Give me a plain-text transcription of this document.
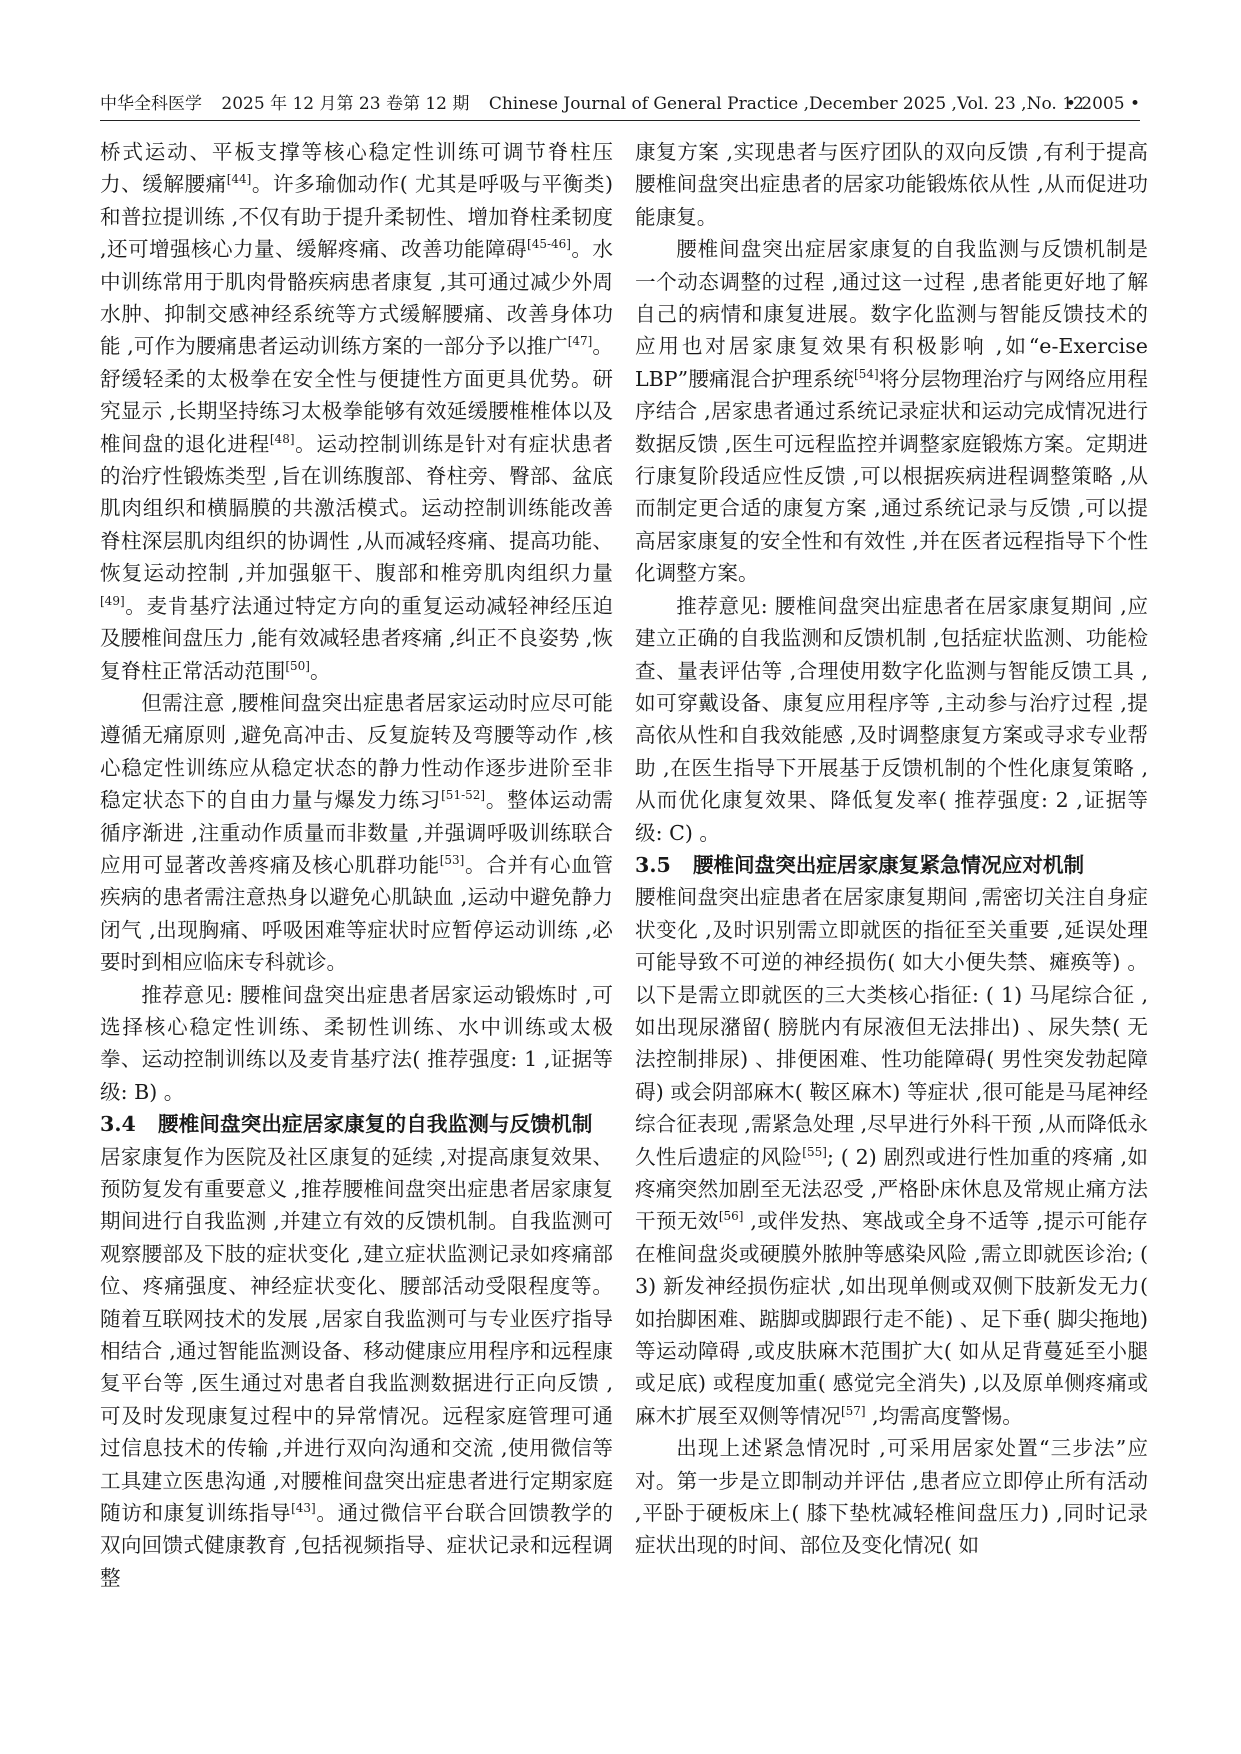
中华全科医学 2025 年 12 月第 23 卷第 12 期 Chinese Journal of General Practice ,December 2025 ,Vol. 23 ,No. 12
• 2005 •

桥式运动、平板支撑等核心稳定性训练可调节脊柱压力、缓解腰痛[44]。许多瑜伽动作( 尤其是呼吸与平衡类) 和普拉提训练 ,不仅有助于提升柔韧性、增加脊柱柔韧度 ,还可增强核心力量、缓解疼痛、改善功能障碍[45-46]。水中训练常用于肌肉骨骼疾病患者康复 ,其可通过减少外周水肿、抑制交感神经系统等方式缓解腰痛、改善身体功能 ,可作为腰痛患者运动训练方案的一部分予以推广[47]。舒缓轻柔的太极拳在安全性与便捷性方面更具优势。研究显示 ,长期坚持练习太极拳能够有效延缓腰椎椎体以及椎间盘的退化进程[48]。运动控制训练是针对有症状患者的治疗性锻炼类型 ,旨在训练腹部、脊柱旁、臀部、盆底肌肉组织和横膈膜的共激活模式。运动控制训练能改善脊柱深层肌肉组织的协调性 ,从而减轻疼痛、提高功能、恢复运动控制 ,并加强躯干、腹部和椎旁肌肉组织力量[49]。麦肯基疗法通过特定方向的重复运动减轻神经压迫及腰椎间盘压力 ,能有效减轻患者疼痛 ,纠正不良姿势 ,恢复脊柱正常活动范围[50]。

但需注意 ,腰椎间盘突出症患者居家运动时应尽可能遵循无痛原则 ,避免高冲击、反复旋转及弯腰等动作 ,核心稳定性训练应从稳定状态的静力性动作逐步进阶至非稳定状态下的自由力量与爆发力练习[51-52]。整体运动需循序渐进 ,注重动作质量而非数量 ,并强调呼吸训练联合应用可显著改善疼痛及核心肌群功能[53]。合并有心血管疾病的患者需注意热身以避免心肌缺血 ,运动中避免静力闭气 ,出现胸痛、呼吸困难等症状时应暂停运动训练 ,必要时到相应临床专科就诊。

推荐意见: 腰椎间盘突出症患者居家运动锻炼时 ,可选择核心稳定性训练、柔韧性训练、水中训练或太极拳、运动控制训练以及麦肯基疗法( 推荐强度: 1 ,证据等级: B) 。

3.4 腰椎间盘突出症居家康复的自我监测与反馈机制 居家康复作为医院及社区康复的延续 ,对提高康复效果、预防复发有重要意义 ,推荐腰椎间盘突出症患者居家康复期间进行自我监测 ,并建立有效的反馈机制。自我监测可观察腰部及下肢的症状变化 ,建立症状监测记录如疼痛部位、疼痛强度、神经症状变化、腰部活动受限程度等。随着互联网技术的发展 ,居家自我监测可与专业医疗指导相结合 ,通过智能监测设备、移动健康应用程序和远程康复平台等 ,医生通过对患者自我监测数据进行正向反馈 ,可及时发现康复过程中的异常情况。远程家庭管理可通过信息技术的传输 ,并进行双向沟通和交流 ,使用微信等工具建立医患沟通 ,对腰椎间盘突出症患者进行定期家庭随访和康复训练指导[43]。通过微信平台联合回馈教学的双向回馈式健康教育 ,包括视频指导、症状记录和远程调整

康复方案 ,实现患者与医疗团队的双向反馈 ,有利于提高腰椎间盘突出症患者的居家功能锻炼依从性 ,从而促进功能康复。

腰椎间盘突出症居家康复的自我监测与反馈机制是一个动态调整的过程 ,通过这一过程 ,患者能更好地了解自己的病情和康复进展。数字化监测与智能反馈技术的应用也对居家康复效果有积极影响 ,如“e-Exercise LBP”腰痛混合护理系统[54]将分层物理治疗与网络应用程序结合 ,居家患者通过系统记录症状和运动完成情况进行数据反馈 ,医生可远程监控并调整家庭锻炼方案。定期进行康复阶段适应性反馈 ,可以根据疾病进程调整策略 ,从而制定更合适的康复方案 ,通过系统记录与反馈 ,可以提高居家康复的安全性和有效性 ,并在医者远程指导下个性化调整方案。

推荐意见: 腰椎间盘突出症患者在居家康复期间 ,应建立正确的自我监测和反馈机制 ,包括症状监测、功能检查、量表评估等 ,合理使用数字化监测与智能反馈工具 ,如可穿戴设备、康复应用程序等 ,主动参与治疗过程 ,提高依从性和自我效能感 ,及时调整康复方案或寻求专业帮助 ,在医生指导下开展基于反馈机制的个性化康复策略 ,从而优化康复效果、降低复发率( 推荐强度: 2 ,证据等级: C) 。

3.5 腰椎间盘突出症居家康复紧急情况应对机制

腰椎间盘突出症患者在居家康复期间 ,需密切关注自身症状变化 ,及时识别需立即就医的指征至关重要 ,延误处理可能导致不可逆的神经损伤( 如大小便失禁、瘫痪等) 。以下是需立即就医的三大类核心指征: ( 1) 马尾综合征 ,如出现尿潴留( 膀胱内有尿液但无法排出) 、尿失禁( 无法控制排尿) 、排便困难、性功能障碍( 男性突发勃起障碍) 或会阴部麻木( 鞍区麻木) 等症状 ,很可能是马尾神经综合征表现 ,需紧急处理 ,尽早进行外科干预 ,从而降低永久性后遗症的风险[55]; ( 2) 剧烈或进行性加重的疼痛 ,如疼痛突然加剧至无法忍受 ,严格卧床休息及常规止痛方法干预无效[56] ,或伴发热、寒战或全身不适等 ,提示可能存在椎间盘炎或硬膜外脓肿等感染风险 ,需立即就医诊治; ( 3) 新发神经损伤症状 ,如出现单侧或双侧下肢新发无力( 如抬脚困难、踮脚或脚跟行走不能) 、足下垂( 脚尖拖地) 等运动障碍 ,或皮肤麻木范围扩大( 如从足背蔓延至小腿或足底) 或程度加重( 感觉完全消失) ,以及原单侧疼痛或麻木扩展至双侧等情况[57] ,均需高度警惕。

出现上述紧急情况时 ,可采用居家处置“三步法”应对。第一步是立即制动并评估 ,患者应立即停止所有活动 ,平卧于硬板床上( 膝下垫枕减轻椎间盘压力) ,同时记录症状出现的时间、部位及变化情况( 如
